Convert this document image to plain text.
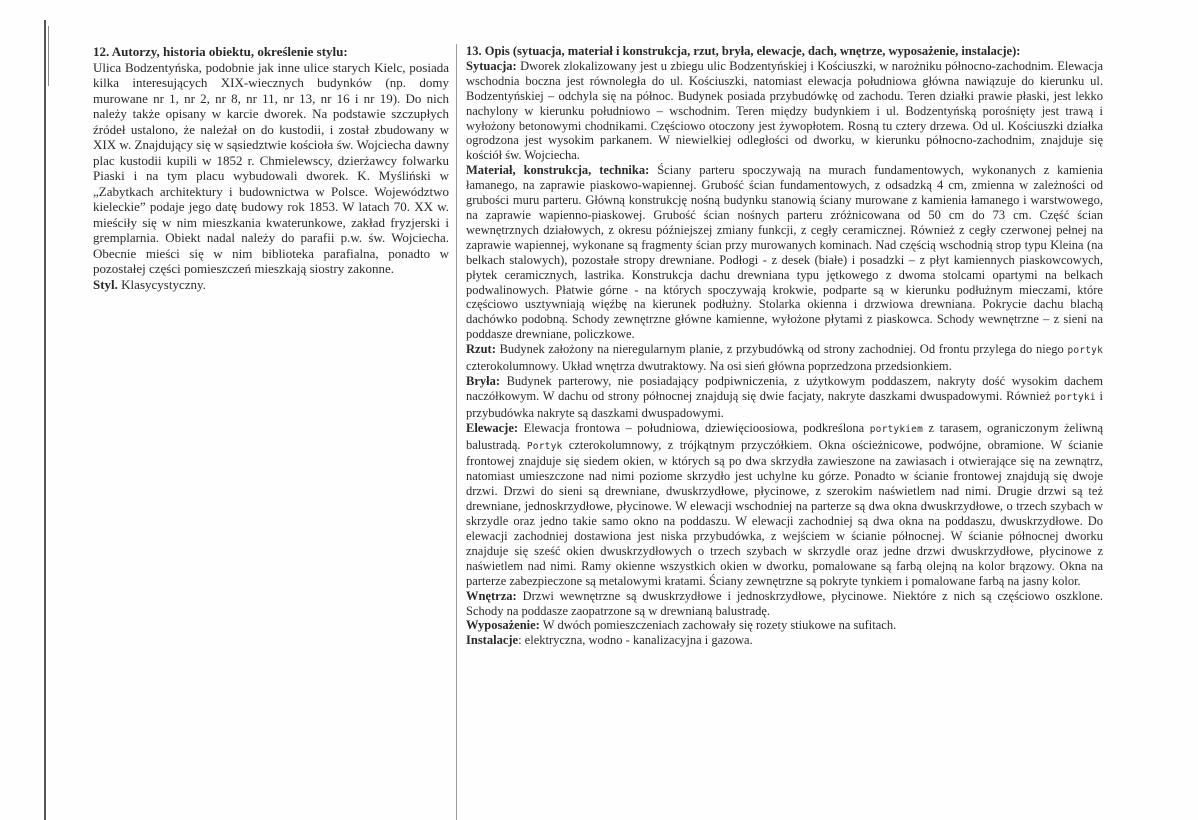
12. Autorzy, historia obiektu, określenie stylu:

Ulica Bodzentyńska, podobnie jak inne ulice starych Kielc, posiada kilka interesujących XIX-wiecznych budynków (np. domy murowane nr 1, nr 2, nr 8, nr 11, nr 13, nr 16 i nr 19). Do nich należy także opisany w karcie dworek. Na podstawie szczupłych źródeł ustalono, że należał on do kustodii, i został zbudowany w XIX w. Znajdujący się w sąsiedztwie kościoła św. Wojciecha dawny plac kustodii kupili w 1852 r. Chmielewscy, dzierżawcy folwarku Piaski i na tym placu wybudowali dworek. K. Myśliński w „Zabytkach architektury i budownictwa w Polsce. Województwo kieleckie” podaje jego datę budowy rok 1853. W latach 70. XX w. mieściły się w nim mieszkania kwaterunkowe, zakład fryzjerski i gremplarnia. Obiekt nadal należy do parafii p.w. św. Wojciecha. Obecnie mieści się w nim biblioteka parafialna, ponadto w pozostałej części pomieszczeń mieszkają siostry zakonne.

Styl. Klasycystyczny.

13. Opis (sytuacja, materiał i konstrukcja, rzut, bryła, elewacje, dach, wnętrze, wyposażenie, instalacje):

Sytuacja: Dworek zlokalizowany jest u zbiegu ulic Bodzentyńskiej i Kościuszki, w narożniku północno-zachodnim. Elewacja wschodnia boczna jest równoległa do ul. Kościuszki, natomiast elewacja południowa główna nawiązuje do kierunku ul. Bodzentyńskiej – odchyla się na północ. Budynek posiada przybudówkę od zachodu. Teren działki prawie płaski, jest lekko nachylony w kierunku południowo – wschodnim. Teren między budynkiem i ul. Bodzentyńską porośnięty jest trawą i wyłożony betonowymi chodnikami. Częściowo otoczony jest żywopłotem. Rosną tu cztery drzewa. Od ul. Kościuszki działka ogrodzona jest wysokim parkanem. W niewielkiej odległości od dworku, w kierunku północno-zachodnim, znajduje się kościół św. Wojciecha.

Materiał, konstrukcja, technika: Ściany parteru spoczywają na murach fundamentowych, wykonanych z kamienia łamanego, na zaprawie piaskowo-wapiennej. Grubość ścian fundamentowych, z odsadzką 4 cm, zmienna w zależności od grubości muru parteru. Główną konstrukcję nośną budynku stanowią ściany murowane z kamienia łamanego i warstwowego, na zaprawie wapienno-piaskowej. Grubość ścian nośnych parteru zróżnicowana od 50 cm do 73 cm. Część ścian wewnętrznych działowych, z okresu późniejszej zmiany funkcji, z cegły ceramicznej. Również z cegły czerwonej pełnej na zaprawie wapiennej, wykonane są fragmenty ścian przy murowanych kominach. Nad częścią wschodnią strop typu Kleina (na belkach stalowych), pozostałe stropy drewniane. Podłogi - z desek (białe) i posadzki – z płyt kamiennych piaskowcowych, płytek ceramicznych, lastrika. Konstrukcja dachu drewniana typu jętkowego z dwoma stolcami opartymi na belkach podwalinowych. Płatwie górne - na których spoczywają krokwie, podparte są w kierunku podłużnym mieczami, które częściowo usztywniają więźbę na kierunek podłużny. Stolarka okienna i drzwiowa drewniana. Pokrycie dachu blachą dachówko podobną. Schody zewnętrzne główne kamienne, wyłożone płytami z piaskowca. Schody wewnętrzne – z sieni na poddasze drewniane, policzkowe.

Rzut: Budynek założony na nieregularnym planie, z przybudówką od strony zachodniej. Od frontu przylega do niego portyk czterokolumnowy. Układ wnętrza dwutraktowy. Na osi sień główna poprzedzona przedsionkiem.

Bryła: Budynek parterowy, nie posiadający podpiwniczenia, z użytkowym poddaszem, nakryty dość wysokim dachem naczółkowym. W dachu od strony północnej znajdują się dwie facjaty, nakryte daszkami dwuspadowymi. Również portyki i przybudówka nakryte są daszkami dwuspadowymi.

Elewacje: Elewacja frontowa – południowa, dziewięcioosiowa, podkreślona portykiem z tarasem, ograniczonym żeliwną balustradą. Portyk czterokolumnowy, z trójkątnym przyczółkiem. Okna ościeżnicowe, podwójne, obramione. W ścianie frontowej znajduje się siedem okien, w których są po dwa skrzydła zawieszone na zawiasach i otwierające się na zewnątrz, natomiast umieszczone nad nimi poziome skrzydło jest uchylne ku górze. Ponadto w ścianie frontowej znajdują się dwoje drzwi. Drzwi do sieni są drewniane, dwuskrzydłowe, płycinowe, z szerokim naświetlem nad nimi. Drugie drzwi są też drewniane, jednoskrzydłowe, płycinowe. W elewacji wschodniej na parterze są dwa okna dwuskrzydłowe, o trzech szybach w skrzydle oraz jedno takie samo okno na poddaszu. W elewacji zachodniej są dwa okna na poddaszu, dwuskrzydłowe. Do elewacji zachodniej dostawiona jest niska przybudówka, z wejściem w ścianie północnej. W ścianie północnej dworku znajduje się sześć okien dwuskrzydłowych o trzech szybach w skrzydle oraz jedne drzwi dwuskrzydłowe, płycinowe z naświetlem nad nimi. Ramy okienne wszystkich okien w dworku, pomalowane są farbą olejną na kolor brązowy. Okna na parterze zabezpieczone są metalowymi kratami. Ściany zewnętrzne są pokryte tynkiem i pomalowane farbą na jasny kolor.

Wnętrza: Drzwi wewnętrzne są dwuskrzydłowe i jednoskrzydłowe, płycinowe. Niektóre z nich są częściowo oszklone. Schody na poddasze zaopatrzone są w drewnianą balustradę.

Wyposażenie: W dwóch pomieszczeniach zachowały się rozety stiukowe na sufitach.

Instalacje: elektryczna, wodno - kanalizacyjna i gazowa.
